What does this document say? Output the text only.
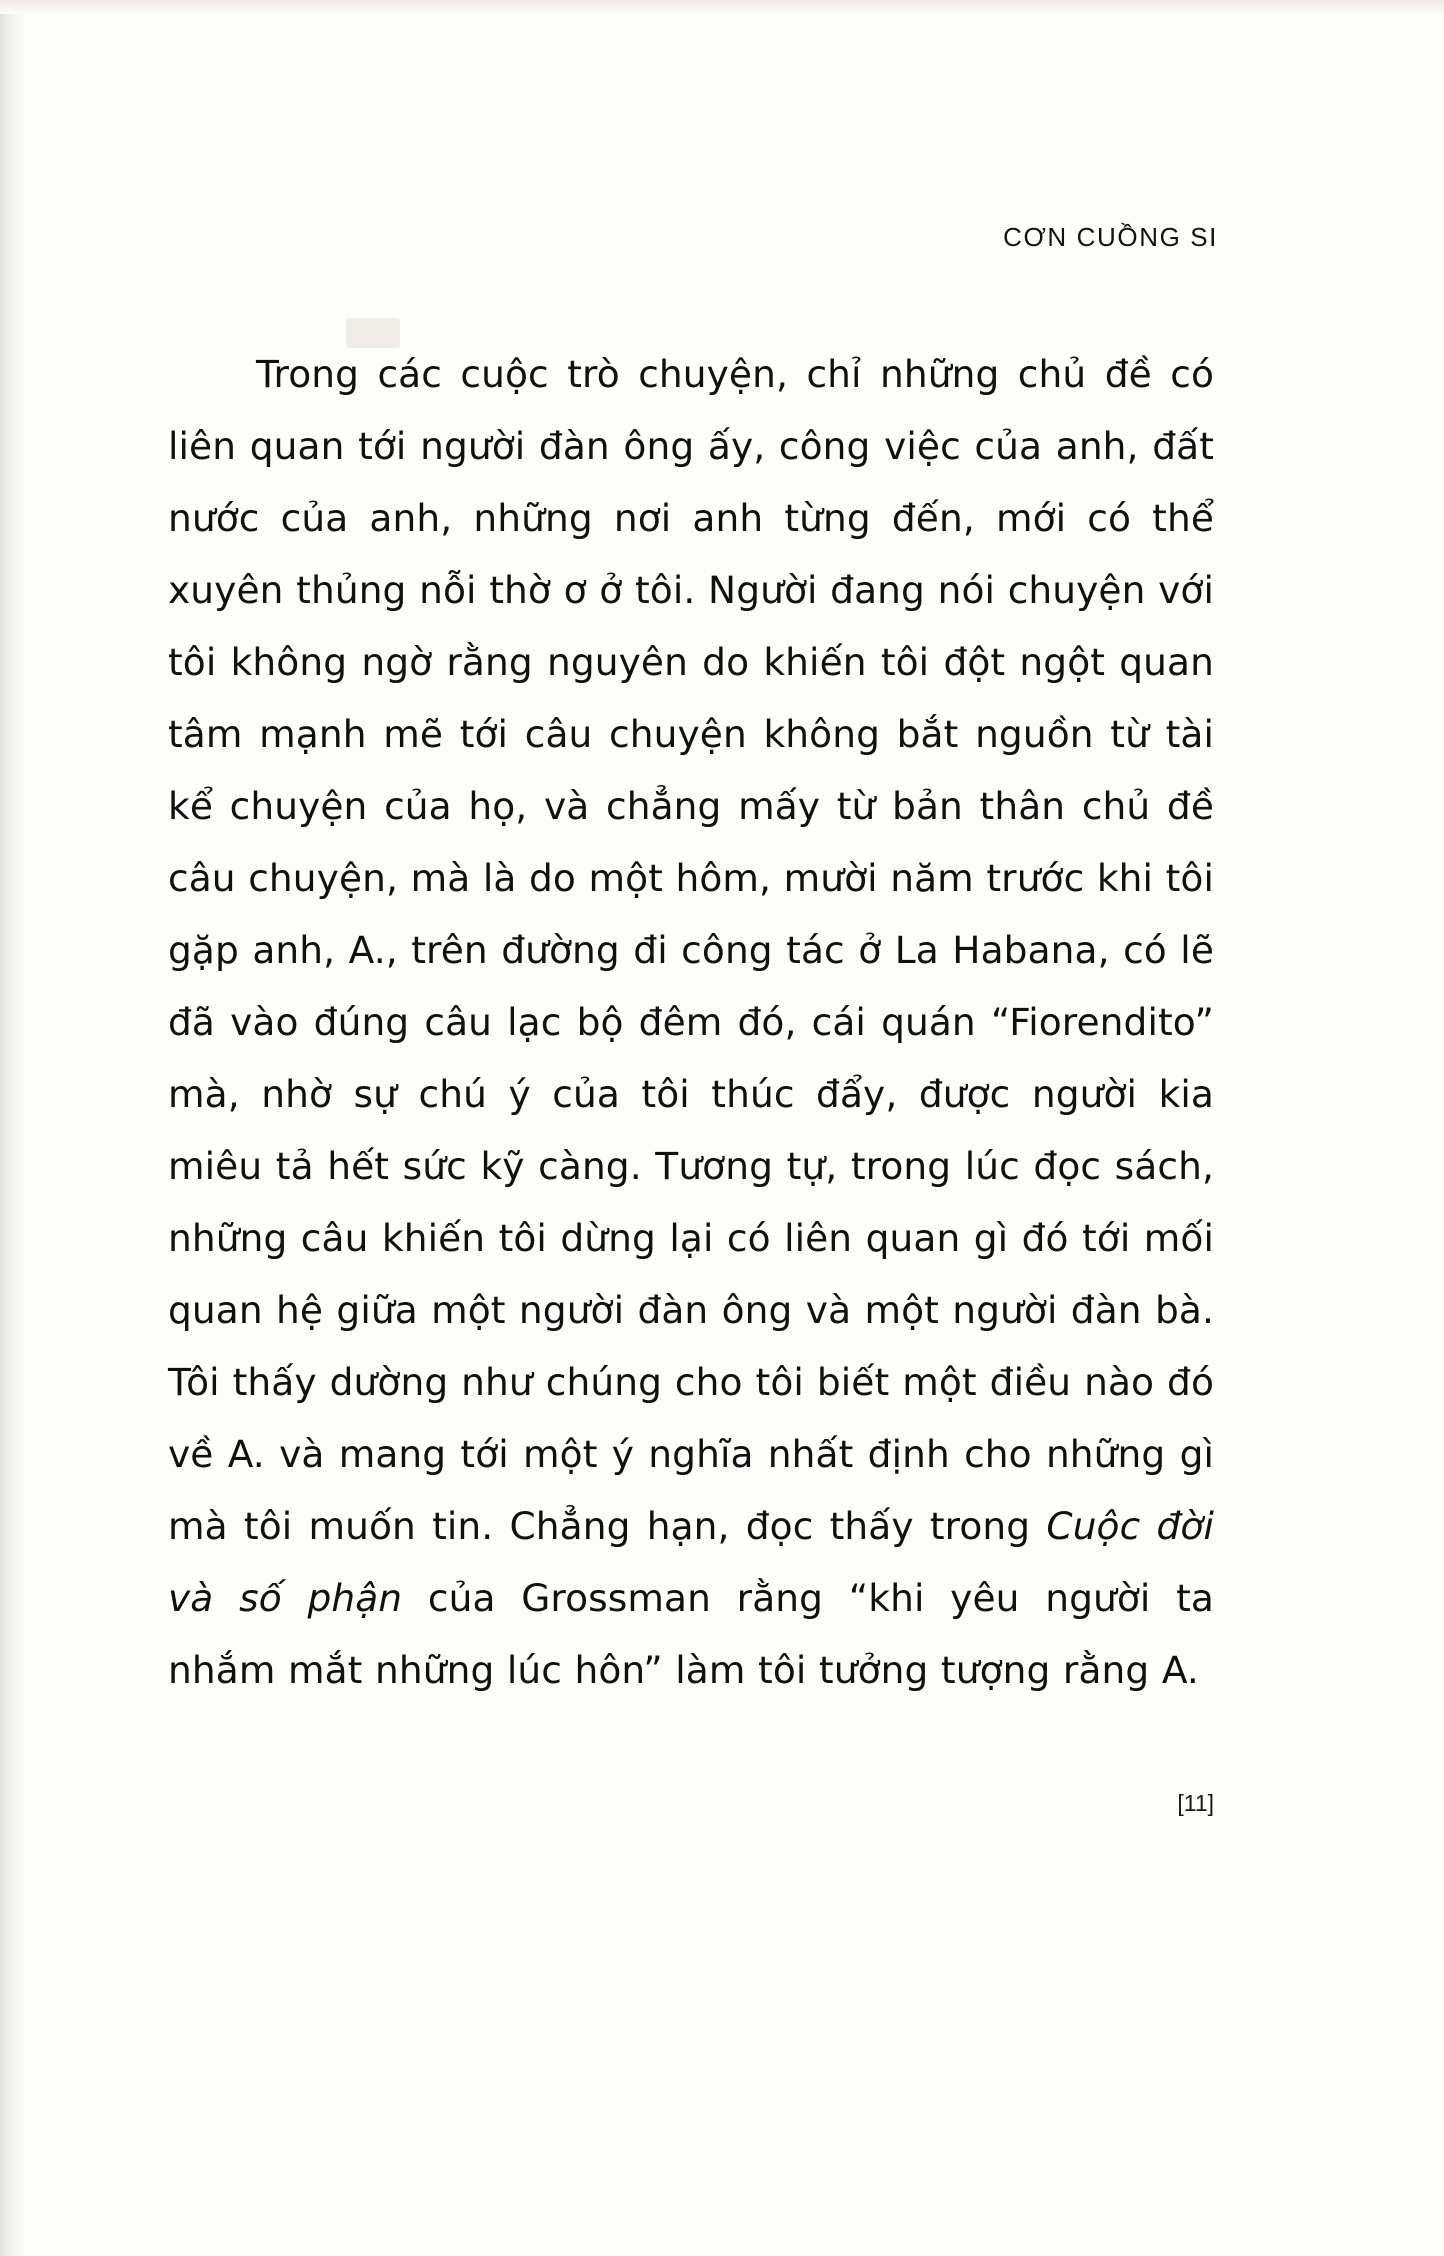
CƠN CUỒNG SI

Trong các cuộc trò chuyện, chỉ những chủ đề có liên quan tới người đàn ông ấy, công việc của anh, đất nước của anh, những nơi anh từng đến, mới có thể xuyên thủng nỗi thờ ơ ở tôi. Người đang nói chuyện với tôi không ngờ rằng nguyên do khiến tôi đột ngột quan tâm mạnh mẽ tới câu chuyện không bắt nguồn từ tài kể chuyện của họ, và chẳng mấy từ bản thân chủ đề câu chuyện, mà là do một hôm, mười năm trước khi tôi gặp anh, A., trên đường đi công tác ở La Habana, có lẽ đã vào đúng câu lạc bộ đêm đó, cái quán “Fiorendito” mà, nhờ sự chú ý của tôi thúc đẩy, được người kia miêu tả hết sức kỹ càng. Tương tự, trong lúc đọc sách, những câu khiến tôi dừng lại có liên quan gì đó tới mối quan hệ giữa một người đàn ông và một người đàn bà. Tôi thấy dường như chúng cho tôi biết một điều nào đó về A. và mang tới một ý nghĩa nhất định cho những gì mà tôi muốn tin. Chẳng hạn, đọc thấy trong Cuộc đời và số phận của Grossman rằng “khi yêu người ta nhắm mắt những lúc hôn” làm tôi tưởng tượng rằng A.

[11]
